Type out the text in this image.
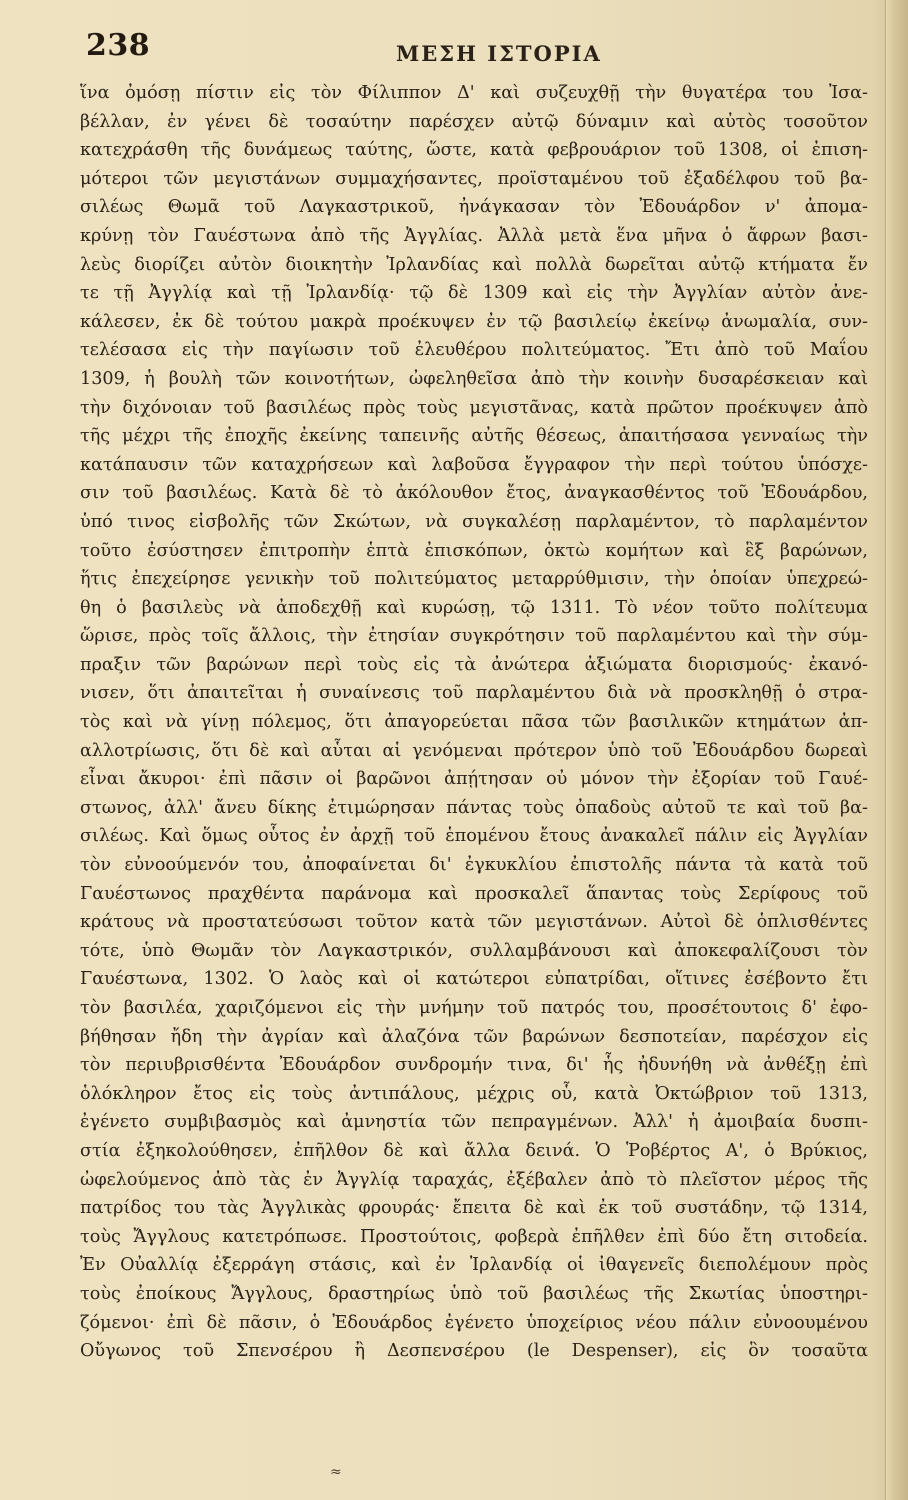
238	ΜΕΣΗ ΙΣΤΟΡΙΑ
ἵνα ὀμόσῃ πίστιν εἰς τὸν Φίλιππον Δ' καὶ συζευχθῇ τὴν θυγατέρα του Ἰσα-
βέλλαν, ἐν γένει δὲ τοσαύτην παρέσχεν αὐτῷ δύναμιν καὶ αὐτὸς τοσοῦτον
κατεχράσθη τῆς δυνάμεως ταύτης, ὥστε, κατὰ φεβρουάριον τοῦ 1308, οἱ ἐπιση-
μότεροι τῶν μεγιστάνων συμμαχήσαντες, προϊσταμένου τοῦ ἐξαδέλφου τοῦ βα-
σιλέως Θωμᾶ τοῦ Λαγκαστρικοῦ, ἠνάγκασαν τὸν Ἐδουάρδον ν' ἀπομα-
κρύνῃ τὸν Γαυέστωνα ἀπὸ τῆς Ἀγγλίας. Ἀλλὰ μετὰ ἕνα μῆνα ὁ ἄφρων βασι-
λεὺς διορίζει αὐτὸν διοικητὴν Ἰρλανδίας καὶ πολλὰ δωρεῖται αὐτῷ κτήματα ἔν
τε τῇ Ἀγγλίᾳ καὶ τῇ Ἰρλανδίᾳ· τῷ δὲ 1309 καὶ εἰς τὴν Ἀγγλίαν αὐτὸν ἀνε-
κάλεσεν, ἐκ δὲ τούτου μακρὰ προέκυψεν ἐν τῷ βασιλείῳ ἐκείνῳ ἀνωμαλία, συν-
τελέσασα εἰς τὴν παγίωσιν τοῦ ἐλευθέρου πολιτεύματος. Ἔτι ἀπὸ τοῦ Μαΐου
1309, ἡ βουλὴ τῶν κοινοτήτων, ὠφεληθεῖσα ἀπὸ τὴν κοινὴν δυσαρέσκειαν καὶ
τὴν διχόνοιαν τοῦ βασιλέως πρὸς τοὺς μεγιστᾶνας, κατὰ πρῶτον προέκυψεν ἀπὸ
τῆς μέχρι τῆς ἐποχῆς ἐκείνης ταπεινῆς αὐτῆς θέσεως, ἀπαιτήσασα γενναίως τὴν
κατάπαυσιν τῶν καταχρήσεων καὶ λαβοῦσα ἔγγραφον τὴν περὶ τούτου ὑπόσχε-
σιν τοῦ βασιλέως. Κατὰ δὲ τὸ ἀκόλουθον ἔτος, ἀναγκασθέντος τοῦ Ἐδουάρδου,
ὑπό τινος εἰσβολῆς τῶν Σκώτων, νὰ συγκαλέσῃ παρλαμέντον, τὸ παρλαμέντον
τοῦτο ἐσύστησεν ἐπιτροπὴν ἑπτὰ ἐπισκόπων, ὀκτὼ κομήτων καὶ ἓξ βαρώνων,
ἥτις ἐπεχείρησε γενικὴν τοῦ πολιτεύματος μεταρρύθμισιν, τὴν ὁποίαν ὑπεχρεώ-
θη ὁ βασιλεὺς νὰ ἀποδεχθῇ καὶ κυρώσῃ, τῷ 1311. Τὸ νέον τοῦτο πολίτευμα
ὥρισε, πρὸς τοῖς ἄλλοις, τὴν ἐτησίαν συγκρότησιν τοῦ παρλαμέντου καὶ τὴν σύμ-
πραξιν τῶν βαρώνων περὶ τοὺς εἰς τὰ ἀνώτερα ἀξιώματα διορισμούς· ἐκανό-
νισεν, ὅτι ἀπαιτεῖται ἡ συναίνεσις τοῦ παρλαμέντου διὰ νὰ προσκληθῇ ὁ στρα-
τὸς καὶ νὰ γίνῃ πόλεμος, ὅτι ἀπαγορεύεται πᾶσα τῶν βασιλικῶν κτημάτων ἀπ-
αλλοτρίωσις, ὅτι δὲ καὶ αὗται αἱ γενόμεναι πρότερον ὑπὸ τοῦ Ἐδουάρδου δωρεαὶ
εἶναι ἄκυροι· ἐπὶ πᾶσιν οἱ βαρῶνοι ἀπῄτησαν οὐ μόνον τὴν ἐξορίαν τοῦ Γαυέ-
στωνος, ἀλλ' ἄνευ δίκης ἐτιμώρησαν πάντας τοὺς ὀπαδοὺς αὐτοῦ τε καὶ τοῦ βα-
σιλέως. Καὶ ὅμως οὗτος ἐν ἀρχῇ τοῦ ἑπομένου ἔτους ἀνακαλεῖ πάλιν εἰς Ἀγγλίαν
τὸν εὐνοούμενόν του, ἀποφαίνεται δι' ἐγκυκλίου ἐπιστολῆς πάντα τὰ κατὰ τοῦ
Γαυέστωνος πραχθέντα παράνομα καὶ προσκαλεῖ ἅπαντας τοὺς Σερίφους τοῦ
κράτους νὰ προστατεύσωσι τοῦτον κατὰ τῶν μεγιστάνων. Αὐτοὶ δὲ ὁπλισθέντες
τότε, ὑπὸ Θωμᾶν τὸν Λαγκαστρικόν, συλλαμβάνουσι καὶ ἀποκεφαλίζουσι τὸν
Γαυέστωνα, 1302. Ὁ λαὸς καὶ οἱ κατώτεροι εὐπατρίδαι, οἵτινες ἐσέβοντο ἔτι
τὸν βασιλέα, χαριζόμενοι εἰς τὴν μνήμην τοῦ πατρός του, προσέτουτοις δ' ἐφο-
βήθησαν ἤδη τὴν ἀγρίαν καὶ ἀλαζόνα τῶν βαρώνων δεσποτείαν, παρέσχον εἰς
τὸν περιυβρισθέντα Ἐδουάρδον συνδρομήν τινα, δι' ἧς ἠδυνήθη νὰ ἀνθέξῃ ἐπὶ
ὁλόκληρον ἔτος εἰς τοὺς ἀντιπάλους, μέχρις οὗ, κατὰ Ὀκτώβριον τοῦ 1313,
ἐγένετο συμβιβασμὸς καὶ ἀμνηστία τῶν πεπραγμένων. Ἀλλ' ἡ ἀμοιβαία δυσπι-
στία ἐξηκολούθησεν, ἐπῆλθον δὲ καὶ ἄλλα δεινά. Ὁ Ῥοβέρτος Α', ὁ Βρύκιος,
ὠφελούμενος ἀπὸ τὰς ἐν Ἀγγλίᾳ ταραχάς, ἐξέβαλεν ἀπὸ τὸ πλεῖστον μέρος τῆς
πατρίδος του τὰς Ἀγγλικὰς φρουράς· ἔπειτα δὲ καὶ ἐκ τοῦ συστάδην, τῷ 1314,
τοὺς Ἄγγλους κατετρόπωσε. Προστούτοις, φοβερὰ ἐπῆλθεν ἐπὶ δύο ἔτη σιτοδεία.
Ἐν Οὐαλλίᾳ ἐξερράγη στάσις, καὶ ἐν Ἰρλανδίᾳ οἱ ἰθαγενεῖς διεπολέμουν πρὸς
τοὺς ἐποίκους Ἄγγλους, δραστηρίως ὑπὸ τοῦ βασιλέως τῆς Σκωτίας ὑποστηρι-
ζόμενοι· ἐπὶ δὲ πᾶσιν, ὁ Ἐδουάρδος ἐγένετο ὑποχείριος νέου πάλιν εὐνοουμένου
Οὔγωνος τοῦ Σπενσέρου ἢ Δεσπενσέρου (le Despenser), εἰς ὃν τοσαῦτα
≈
